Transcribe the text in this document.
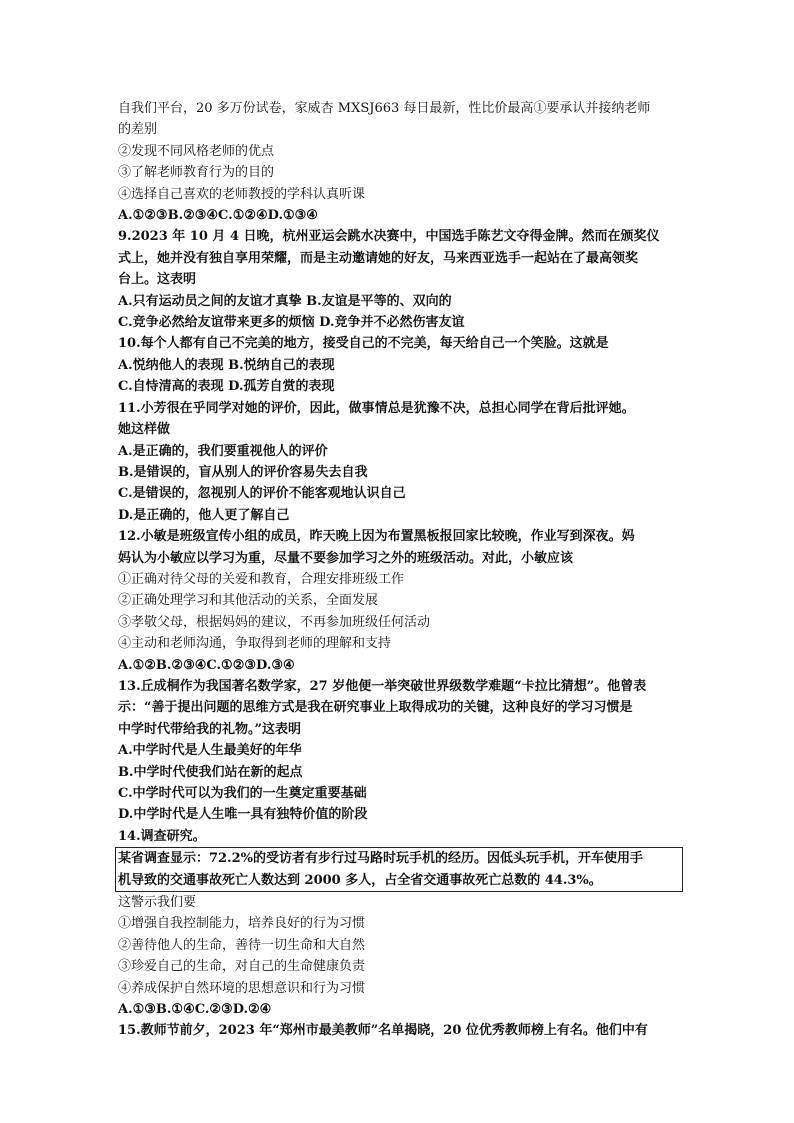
自我们平台，20 多万份试卷，家威杏 MXSJ663 每日最新，性比价最高①要承认并接纳老师
的差别
②发现不同风格老师的优点
③了解老师教育行为的目的
④选择自己喜欢的老师教授的学科认真听课
A.①②③B.②③④C.①②④D.①③④
9.2023 年 10 月 4 日晚，杭州亚运会跳水决赛中，中国选手陈艺文夺得金牌。然而在颁奖仪
式上，她并没有独自享用荣耀，而是主动邀请她的好友，马来西亚选手一起站在了最高领奖
台上。这表明
A.只有运动员之间的友谊才真挚 B.友谊是平等的、双向的
C.竞争必然给友谊带来更多的烦恼 D.竞争并不必然伤害友谊
10.每个人都有自己不完美的地方，接受自己的不完美，每天给自己一个笑脸。这就是
A.悦纳他人的表现 B.悦纳自己的表现
C.自恃清高的表现 D.孤芳自赏的表现
11.小芳很在乎同学对她的评价，因此，做事情总是犹豫不决，总担心同学在背后批评她。
她这样做
A.是正确的，我们要重视他人的评价
B.是错误的，盲从别人的评价容易失去自我
C.是错误的，忽视别人的评价不能客观地认识自己
D.是正确的，他人更了解自己
12.小敏是班级宣传小组的成员，昨天晚上因为布置黑板报回家比较晚，作业写到深夜。妈
妈认为小敏应以学习为重，尽量不要参加学习之外的班级活动。对此，小敏应该
①正确对待父母的关爱和教育，合理安排班级工作
②正确处理学习和其他活动的关系，全面发展
③孝敬父母，根据妈妈的建议，不再参加班级任何活动
④主动和老师沟通，争取得到老师的理解和支持
A.①②B.②③④C.①②③D.③④
13.丘成桐作为我国著名数学家，27 岁他便一举突破世界级数学难题“卡拉比猜想”。他曾表
示：“善于提出问题的思维方式是我在研究事业上取得成功的关键，这种良好的学习习惯是
中学时代带给我的礼物。”这表明
A.中学时代是人生最美好的年华
B.中学时代使我们站在新的起点
C.中学时代可以为我们的一生奠定重要基础
D.中学时代是人生唯一具有独特价值的阶段
14.调查研究。
某省调查显示：72.2%的受访者有步行过马路时玩手机的经历。因低头玩手机，开车使用手
机导致的交通事故死亡人数达到 2000 多人，占全省交通事故死亡总数的 44.3%。
这警示我们要
①增强自我控制能力，培养良好的行为习惯
②善待他人的生命，善待一切生命和大自然
③珍爱自己的生命，对自己的生命健康负责
④养成保护自然环境的思想意识和行为习惯
A.①③B.①④C.②③D.②④
15.教师节前夕，2023 年“郑州市最美教师”名单揭晓，20 位优秀教师榜上有名。他们中有
